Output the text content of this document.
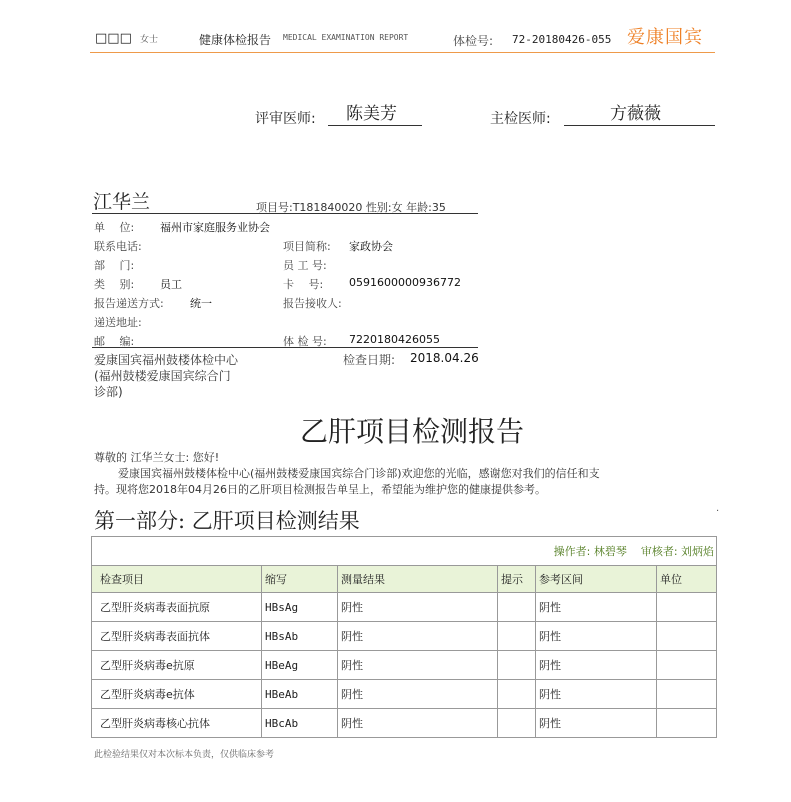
□□□ 女士	健康体检报告 MEDICAL EXAMINATION REPORT	体检号: 72-20180426-055 爱康国宾
评审医师: 陈美芳	主检医师:	方薇薇
江华兰	项目号:T181840020 性别:女 年龄:35
单　 位: 福州市家庭服务业协会
联系电话:	项目简称: 家政协会
部　 门:	员 工 号:
类　 别: 员工	卡　 号: 0591600000936772
报告递送方式: 统一	报告接收人:
递送地址:
邮　 编:	体 检 号: 7220180426055
爱康国宾福州鼓楼体检中心
(福州鼓楼爱康国宾综合门
诊部)
检查日期: 2018.04.26
乙肝项目检测报告
尊敬的 江华兰女士: 您好!
爱康国宾福州鼓楼体检中心(福州鼓楼爱康国宾综合门诊部)欢迎您的光临，感谢您对我们的信任和支
持。现将您2018年04月26日的乙肝项目检测报告单呈上，希望能为维护您的健康提供参考。
第一部分: 乙肝项目检测结果
.
操作者: 林碧琴 审核者: 刘炳焰					
检查项目	缩写	测量结果	提示	参考区间	单位
乙型肝炎病毒表面抗原	HBsAg	阴性		阴性	
乙型肝炎病毒表面抗体	HBsAb	阴性		阴性	
乙型肝炎病毒e抗原	HBeAg	阴性		阴性	
乙型肝炎病毒e抗体	HBeAb	阴性		阴性	
乙型肝炎病毒核心抗体	HBcAb	阴性		阴性	
此检验结果仅对本次标本负责，仅供临床参考
